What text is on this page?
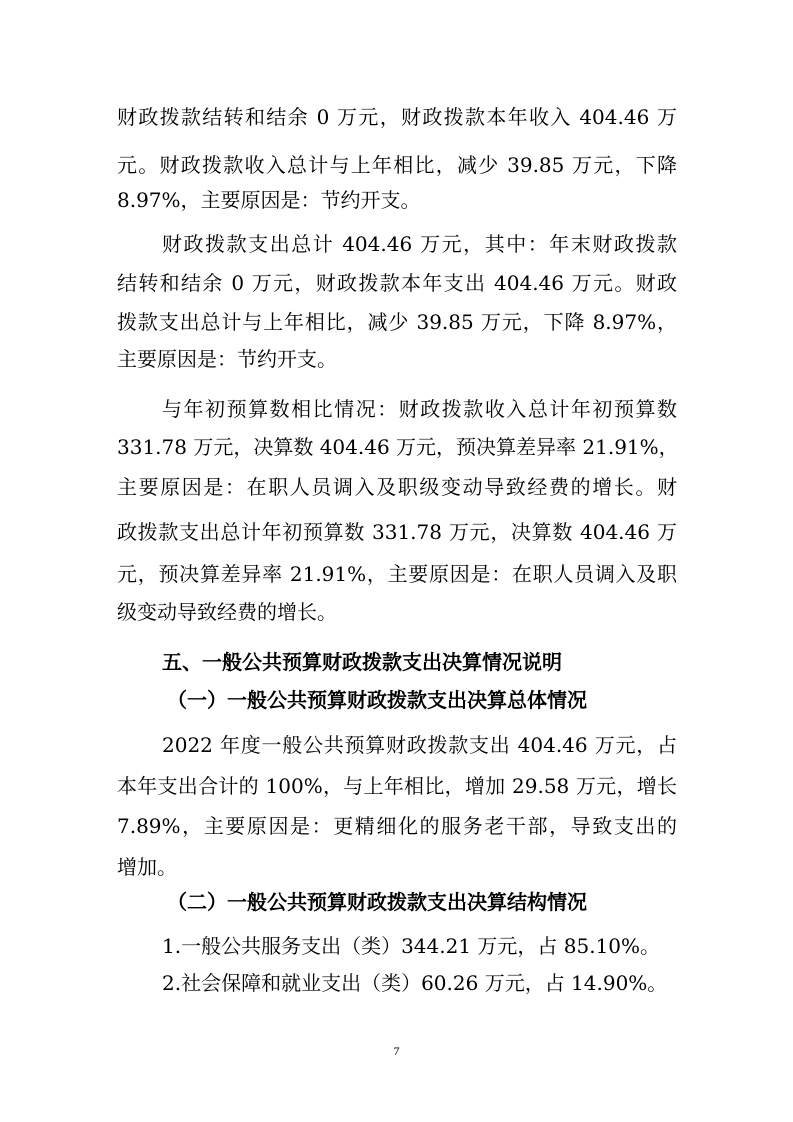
财政拨款结转和结余 0 万元，财政拨款本年收入 404.46 万
元。财政拨款收入总计与上年相比，减少 39.85 万元，下降
8.97%，主要原因是：节约开支。
财政拨款支出总计 404.46 万元，其中：年末财政拨款
结转和结余 0 万元，财政拨款本年支出 404.46 万元。财政
拨款支出总计与上年相比，减少 39.85 万元，下降 8.97%，
主要原因是：节约开支。
与年初预算数相比情况：财政拨款收入总计年初预算数
331.78 万元，决算数 404.46 万元，预决算差异率 21.91%，
主要原因是：在职人员调入及职级变动导致经费的增长。财
政拨款支出总计年初预算数 331.78 万元，决算数 404.46 万
元，预决算差异率 21.91%，主要原因是：在职人员调入及职
级变动导致经费的增长。
五、一般公共预算财政拨款支出决算情况说明
（一）一般公共预算财政拨款支出决算总体情况
2022 年度一般公共预算财政拨款支出 404.46 万元，占
本年支出合计的 100%，与上年相比，增加 29.58 万元，增长
7.89%，主要原因是：更精细化的服务老干部，导致支出的
增加。
（二）一般公共预算财政拨款支出决算结构情况
1.一般公共服务支出（类）344.21 万元，占 85.10%。
2.社会保障和就业支出（类）60.26 万元，占 14.90%。
7
